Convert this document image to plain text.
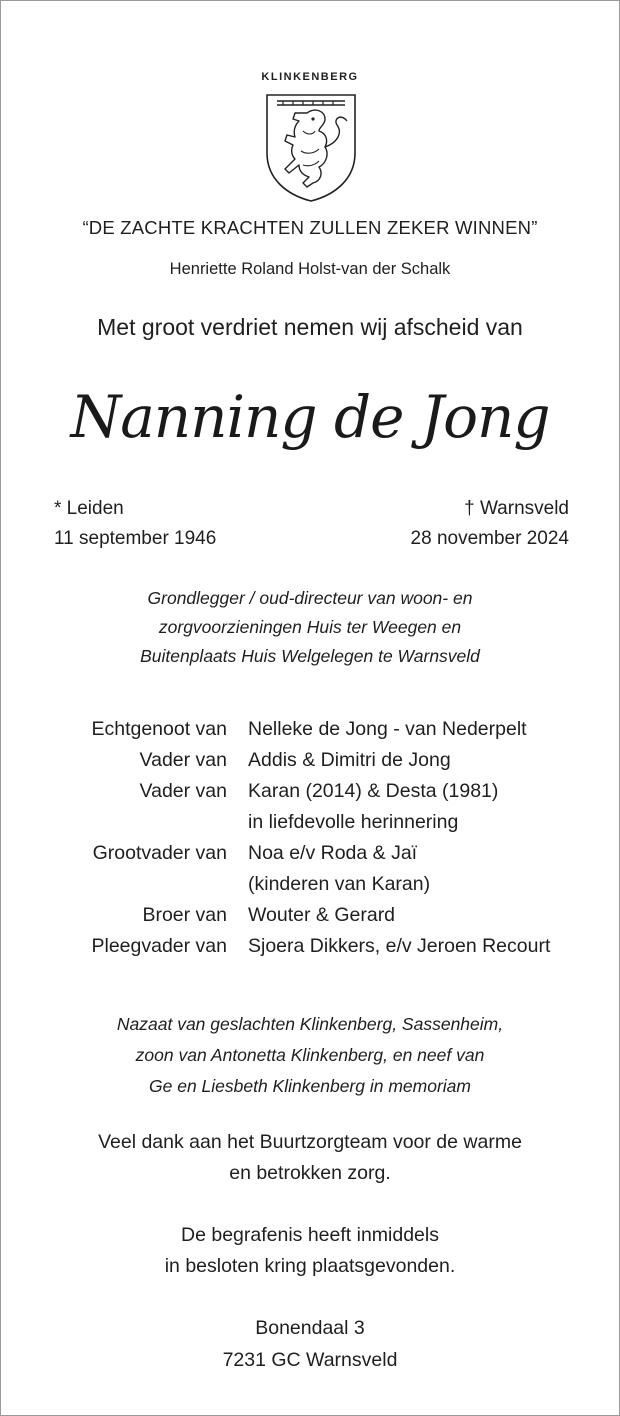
KLINKENBERG
“DE ZACHTE KRACHTEN ZULLEN ZEKER WINNEN”
Henriette Roland Holst-van der Schalk
Met groot verdriet nemen wij afscheid van
Nanning de Jong
* Leiden
11 september 1946
† Warnsveld
28 november 2024
Grondlegger / oud-directeur van woon- en
zorgvoorzieningen Huis ter Weegen en
Buitenplaats Huis Welgelegen te Warnsveld
Echtgenoot van Nelleke de Jong - van Nederpelt
Vader van Addis & Dimitri de Jong
Vader van Karan (2014) & Desta (1981)
in liefdevolle herinnering
Grootvader van Noa e/v Roda & Jaï
(kinderen van Karan)
Broer van Wouter & Gerard
Pleegvader van Sjoera Dikkers, e/v Jeroen Recourt
Nazaat van geslachten Klinkenberg, Sassenheim,
zoon van Antonetta Klinkenberg, en neef van
Ge en Liesbeth Klinkenberg in memoriam
Veel dank aan het Buurtzorgteam voor de warme
en betrokken zorg.
De begrafenis heeft inmiddels
in besloten kring plaatsgevonden.
Bonendaal 3
7231 GC Warnsveld
